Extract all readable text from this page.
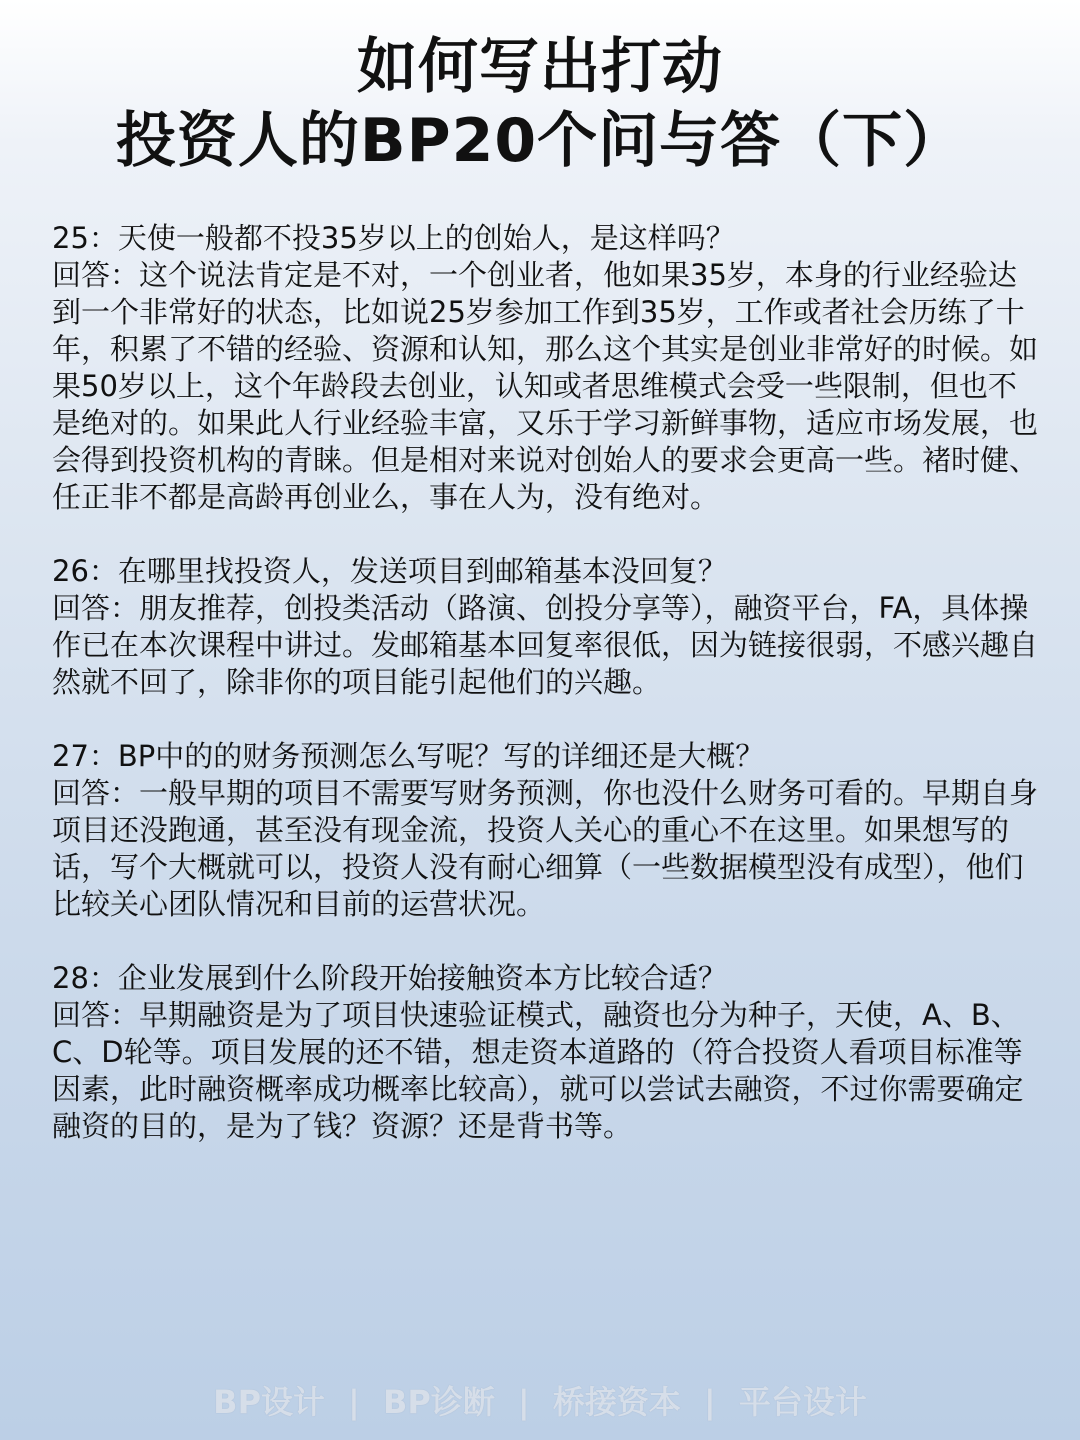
如何写出打动
投资人的BP20个问与答（下）

25：天使一般都不投35岁以上的创始人，是这样吗？

回答：这个说法肯定是不对，一个创业者，他如果35岁，本身的行业经验达到一个非常好的状态，比如说25岁参加工作到35岁，工作或者社会历练了十年，积累了不错的经验、资源和认知，那么这个其实是创业非常好的时候。如果50岁以上，这个年龄段去创业，认知或者思维模式会受一些限制，但也不是绝对的。如果此人行业经验丰富，又乐于学习新鲜事物，适应市场发展，也会得到投资机构的青睐。但是相对来说对创始人的要求会更高一些。褚时健、任正非不都是高龄再创业么，事在人为，没有绝对。

26：在哪里找投资人，发送项目到邮箱基本没回复？

回答：朋友推荐，创投类活动（路演、创投分享等），融资平台，FA，具体操作已在本次课程中讲过。发邮箱基本回复率很低，因为链接很弱，不感兴趣自然就不回了，除非你的项目能引起他们的兴趣。

27：BP中的的财务预测怎么写呢？写的详细还是大概？

回答：一般早期的项目不需要写财务预测，你也没什么财务可看的。早期自身项目还没跑通，甚至没有现金流，投资人关心的重心不在这里。如果想写的话，写个大概就可以，投资人没有耐心细算（一些数据模型没有成型），他们比较关心团队情况和目前的运营状况。

28：企业发展到什么阶段开始接触资本方比较合适？

回答：早期融资是为了项目快速验证模式，融资也分为种子，天使，A、B、C、D轮等。项目发展的还不错，想走资本道路的（符合投资人看项目标准等因素，此时融资概率成功概率比较高），就可以尝试去融资，不过你需要确定融资的目的，是为了钱？资源？还是背书等。

BP设计 | BP诊断 | 桥接资本 | 平台设计
